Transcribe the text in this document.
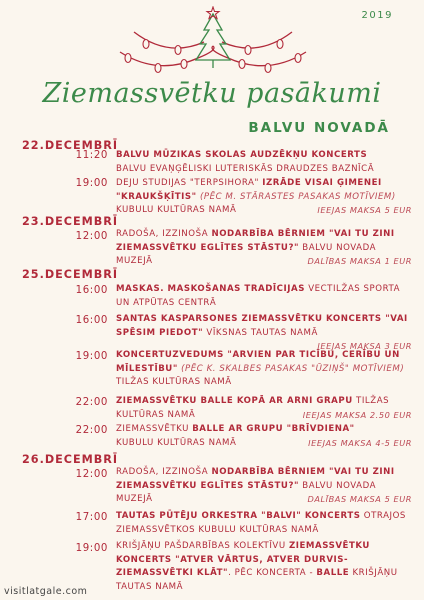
2019
Ziemassvētku pasākumi
BALVU NOVADĀ
22.DECEMBRĪ
11:20 BALVU MŪZIKAS SKOLAS AUDZĒKŅU KONCERTS
BALVU EVAŅĢĒLISKI LUTERISKĀS DRAUDZES BAZNĪCĀ
19:00 DEJU STUDIJAS "TERPSIHORA" IZRĀDE VISAI ĢIMENEI "KRAUKŠĶĪTIS" (PĒC M. STĀRASTES PASAKAS MOTĪVIEM)
KUBULU KULTŪRAS NAMĀ	IEEJAS MAKSA 5 EUR
23.DECEMBRĪ
12:00 RADOŠA, IZZINOŠA NODARBĪBA BĒRNIEM "VAI TU ZINI ZIEMASSVĒTKU EGLĪTES STĀSTU?" BALVU NOVADA MUZEJĀ	DALĪBAS MAKSA 1 EUR
25.DECEMBRĪ
16:00 MASKAS. MASKOŠANAS TRADĪCIJAS VECTILŽAS SPORTA UN ATPŪTAS CENTRĀ
16:00 SANTAS KASPARSONES ZIEMASSVĒTKU KONCERTS "VAI SPĒSIM PIEDOT" VĪKSNAS TAUTAS NAMĀ

IEEJAS MAKSA 3 EUR
19:00 KONCERTUZVEDUMS "ARVIEN PAR TICĪBU, CERĪBU UN MĪLESTĪBU" (PĒC K. SKALBES PASAKAS "ŪZIŅŠ" MOTĪVIEM) TILŽAS KULTŪRAS NAMĀ
22:00 ZIEMASSVĒTKU BALLE KOPĀ AR ARNI GRAPU TILŽAS KULTŪRAS NAMĀ	IEEJAS MAKSA 2.50 EUR
22:00 ZIEMASSVĒTKU BALLE AR GRUPU "BRĪVDIENA"
KUBULU KULTŪRAS NAMĀ	IEEJAS MAKSA 4-5 EUR
26.DECEMBRĪ
12:00 RADOŠA, IZZINOŠA NODARBĪBA BĒRNIEM "VAI TU ZINI ZIEMASSVĒTKU EGLĪTES STĀSTU?" BALVU NOVADA MUZEJĀ	DALĪBAS MAKSA 5 EUR
17:00 TAUTAS PŪTĒJU ORKESTRA "BALVI" KONCERTS OTRAJOS ZIEMASSVĒTKOS KUBULU KULTŪRAS NAMĀ
19:00 KRIŠJĀŅU PAŠDARBĪBAS KOLEKTĪVU ZIEMASSVĒTKU KONCERTS "ATVER VĀRTUS, ATVER DURVIS- ZIEMASSVĒTKI KLĀT". PĒC KONCERTA - BALLE KRIŠJĀŅU TAUTAS NAMĀ
visitlatgale.com
